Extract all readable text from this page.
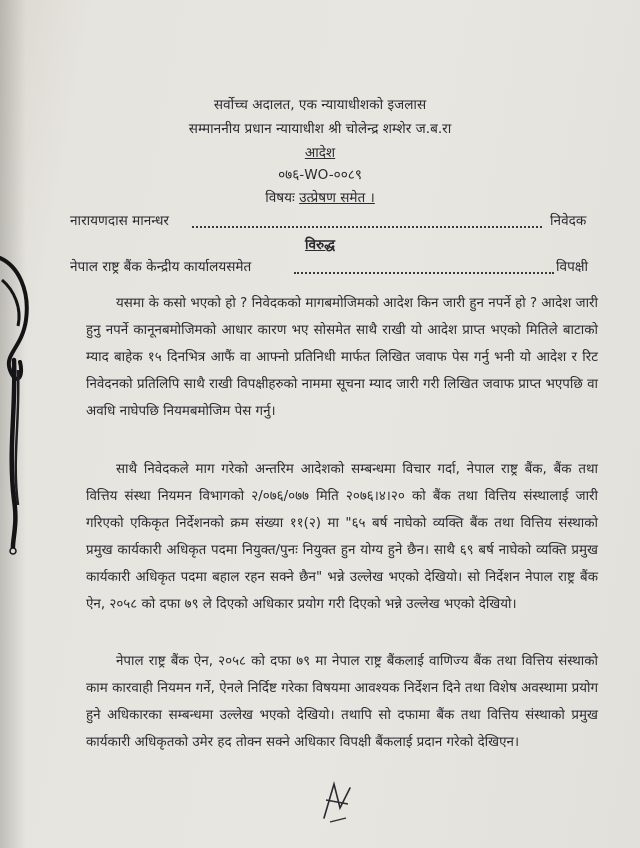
सर्वोच्च अदालत, एक न्यायाधीशको इजलास
सम्माननीय प्रधान न्यायाधीश श्री चोलेन्द्र शम्शेर ज.ब.रा
आदेश
०७६-WO-००८९
विषयः उत्प्रेषण समेत ।
नारायणदास मानन्धर	निवेदक
विरुद्ध
नेपाल राष्ट्र बैंक केन्द्रीय कार्यालयसमेत	विपक्षी
यसमा के कसो भएको हो ? निवेदकको मागबमोजिमको आदेश किन जारी हुन नपर्ने हो ? आदेश जारी हुनु नपर्ने कानूनबमोजिमको आधार कारण भए सोसमेत साथै राखी यो आदेश प्राप्त भएको मितिले बाटाको म्याद बाहेक १५ दिनभित्र आफैं वा आफ्नो प्रतिनिधी मार्फत लिखित जवाफ पेस गर्नु भनी यो आदेश र रिट निवेदनको प्रतिलिपि साथै राखी विपक्षीहरुको नाममा सूचना म्याद जारी गरी लिखित जवाफ प्राप्त भएपछि वा अवधि नाघेपछि नियमबमोजिम पेस गर्नु।
साथै निवेदकले माग गरेको अन्तरिम आदेशको सम्बन्धमा विचार गर्दा, नेपाल राष्ट्र बैंक, बैंक तथा वित्तिय संस्था नियमन विभागको २/०७६/०७७ मिति २०७६।४।२० को बैंक तथा वित्तिय संस्थालाई जारी गरिएको एकिकृत निर्देशनको क्रम संख्या ११(२) मा "६५ बर्ष नाघेको व्यक्ति बैंक तथा वित्तिय संस्थाको प्रमुख कार्यकारी अधिकृत पदमा नियुक्त/पुनः नियुक्त हुन योग्य हुने छैन। साथै ६९ बर्ष नाघेको व्यक्ति प्रमुख कार्यकारी अधिकृत पदमा बहाल रहन सक्ने छैन" भन्ने उल्लेख भएको देखियो। सो निर्देशन नेपाल राष्ट्र बैंक ऐन, २०५८ को दफा ७९ ले दिएको अधिकार प्रयोग गरी दिएको भन्ने उल्लेख भएको देखियो।
नेपाल राष्ट्र बैंक ऐन, २०५८ को दफा ७९ मा नेपाल राष्ट्र बैंकलाई वाणिज्य बैंक तथा वित्तिय संस्थाको काम कारवाही नियमन गर्ने, ऐनले निर्दिष्ट गरेका विषयमा आवश्यक निर्देशन दिने तथा विशेष अवस्थामा प्रयोग हुने अधिकारका सम्बन्धमा उल्लेख भएको देखियो। तथापि सो दफामा बैंक तथा वित्तिय संस्थाको प्रमुख कार्यकारी अधिकृतको उमेर हद तोक्न सक्ने अधिकार विपक्षी बैंकलाई प्रदान गरेको देखिएन।
